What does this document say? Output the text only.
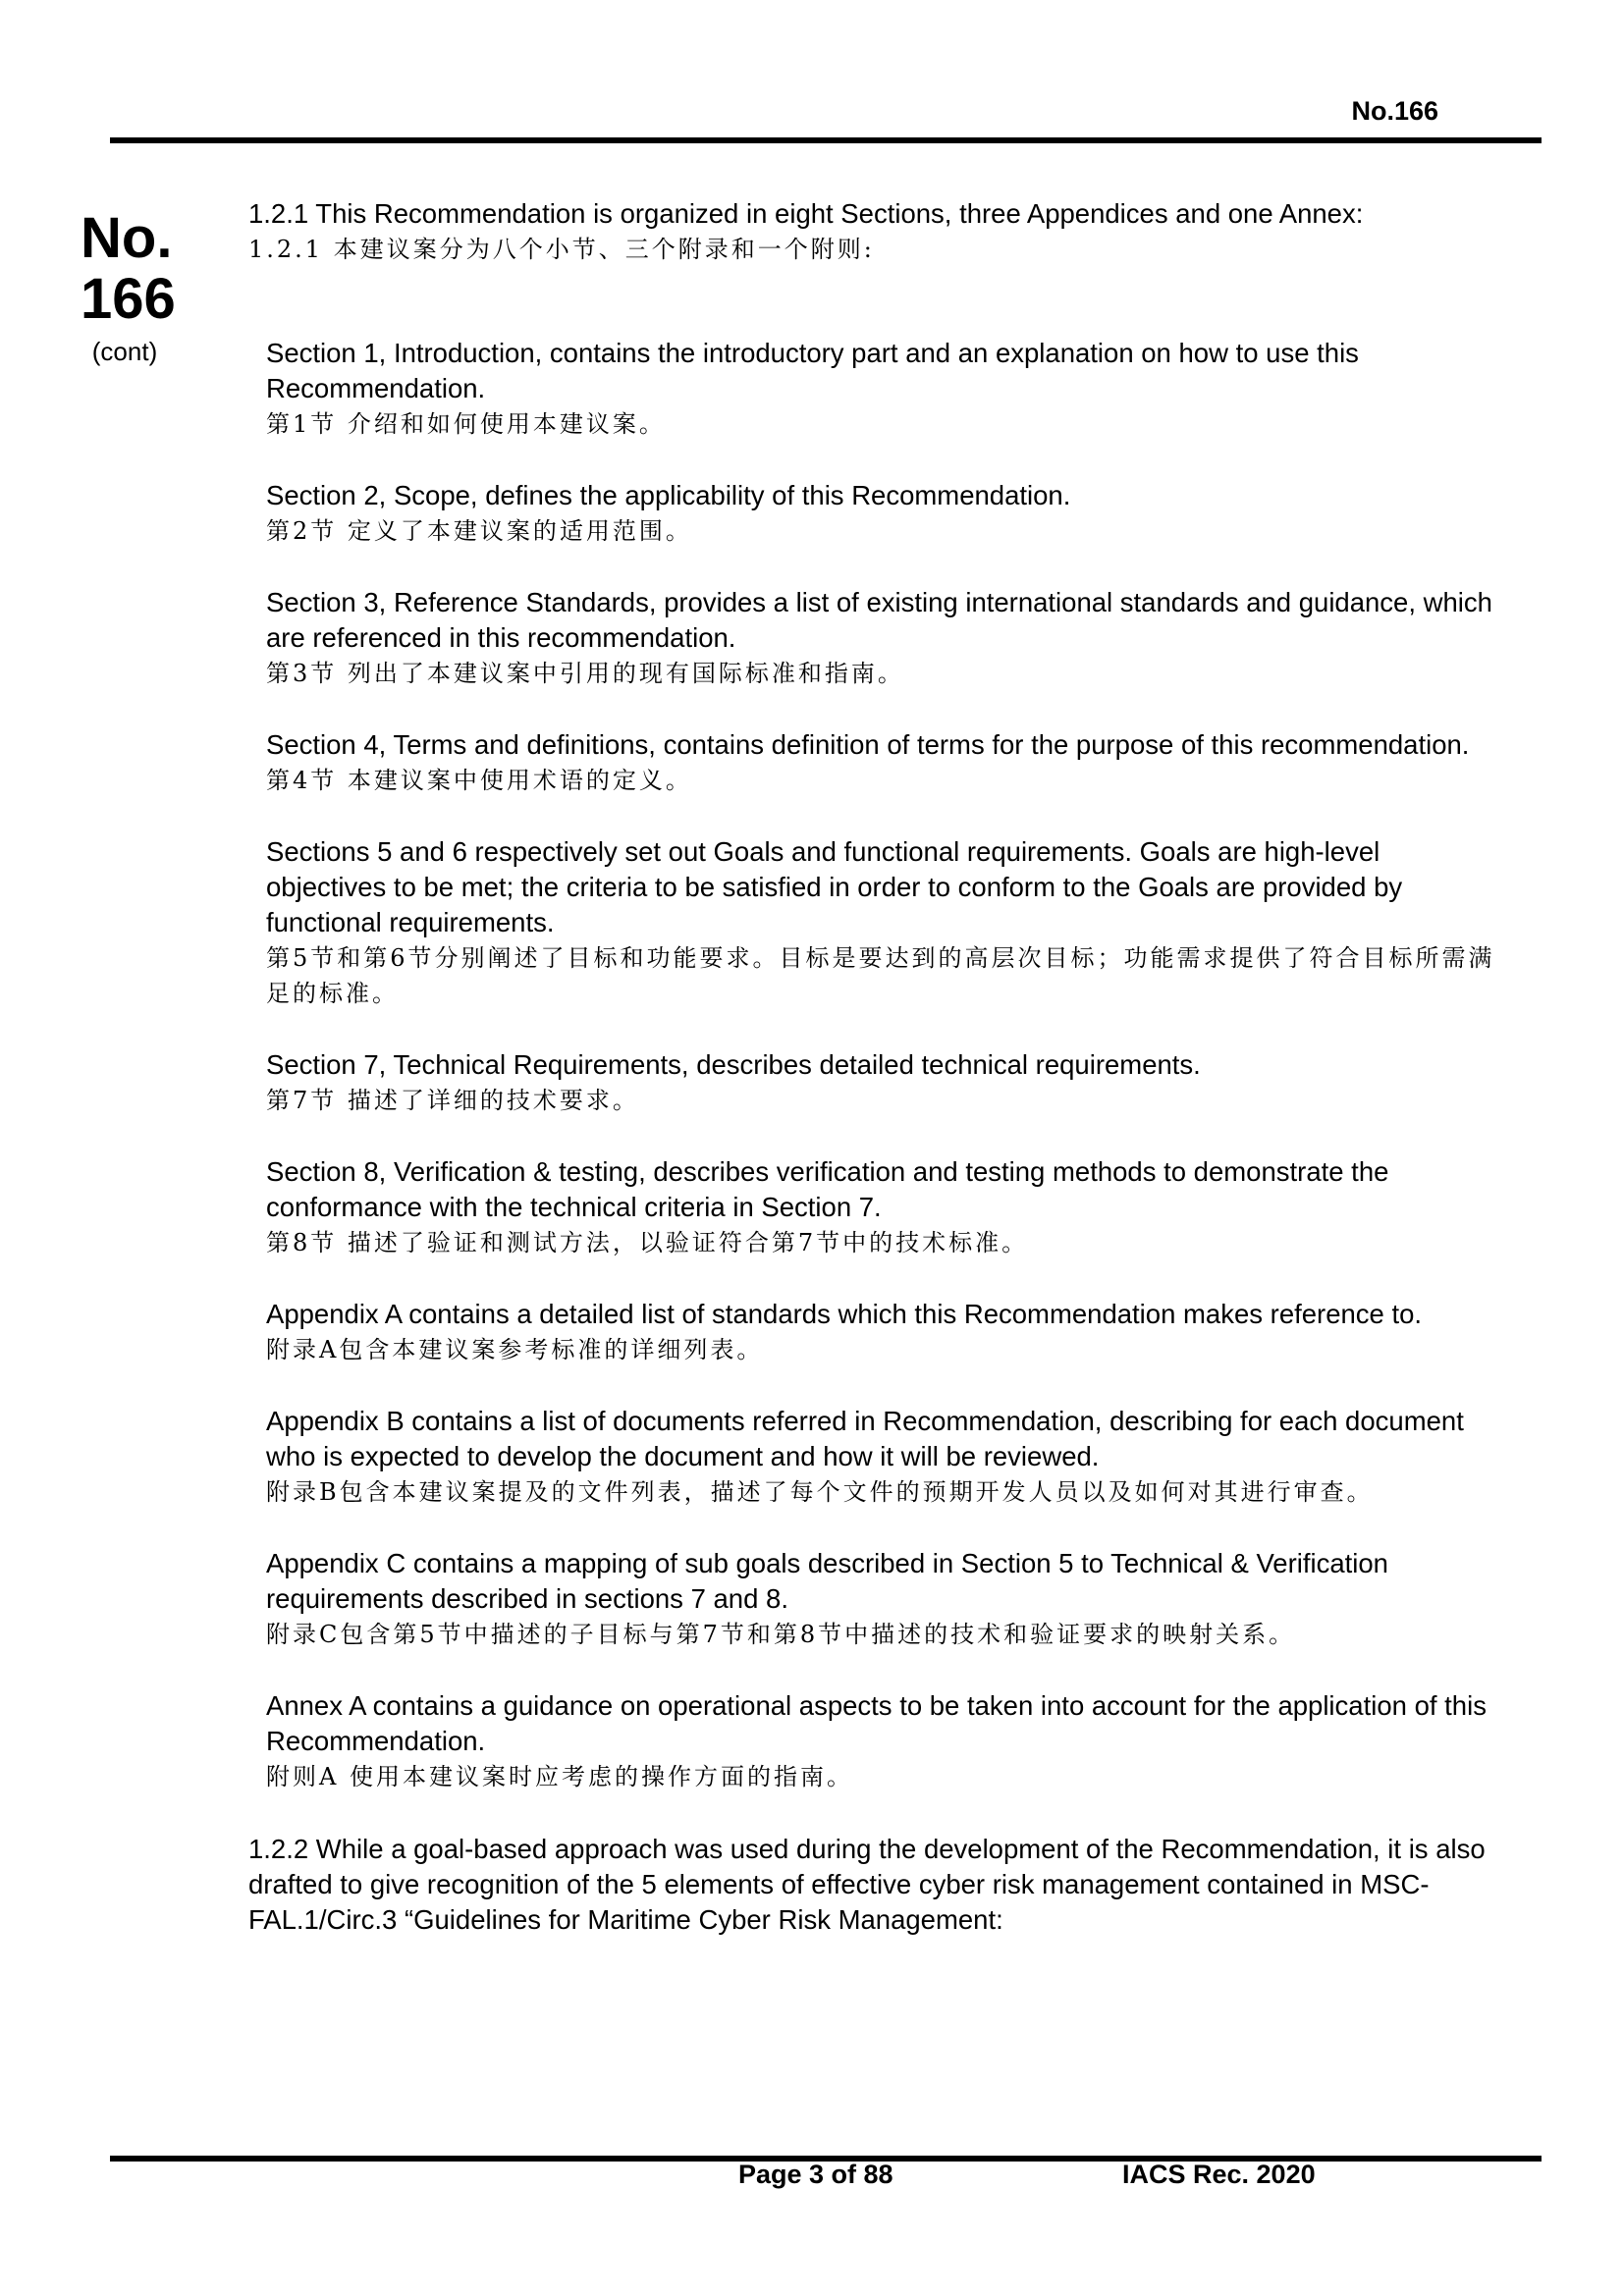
No.166
No.
166
(cont)

1.2.1 This Recommendation is organized in eight Sections, three Appendices and one Annex:

1.2.1 本建议案分为八个小节、三个附录和一个附则:

Section 1, Introduction, contains the introductory part and an explanation on how to use this Recommendation.

第1节 介绍和如何使用本建议案。

Section 2, Scope, defines the applicability of this Recommendation.

第2节 定义了本建议案的适用范围。

Section 3, Reference Standards, provides a list of existing international standards and guidance, which are referenced in this recommendation.

第3节 列出了本建议案中引用的现有国际标准和指南。

Section 4, Terms and definitions, contains definition of terms for the purpose of this recommendation.

第4节 本建议案中使用术语的定义。

Sections 5 and 6 respectively set out Goals and functional requirements. Goals are high-level objectives to be met; the criteria to be satisfied in order to conform to the Goals are provided by functional requirements.

第5节和第6节分别阐述了目标和功能要求。目标是要达到的高层次目标；功能需求提供了符合目标所需满足的标准。

Section 7, Technical Requirements, describes detailed technical requirements.

第7节 描述了详细的技术要求。

Section 8, Verification & testing, describes verification and testing methods to demonstrate the conformance with the technical criteria in Section 7.

第8节 描述了验证和测试方法，以验证符合第7节中的技术标准。

Appendix A contains a detailed list of standards which this Recommendation makes reference to.

附录A包含本建议案参考标准的详细列表。

Appendix B contains a list of documents referred in Recommendation, describing for each document who is expected to develop the document and how it will be reviewed.

附录B包含本建议案提及的文件列表，描述了每个文件的预期开发人员以及如何对其进行审查。

Appendix C contains a mapping of sub goals described in Section 5 to Technical & Verification requirements described in sections 7 and 8.

附录C包含第5节中描述的子目标与第7节和第8节中描述的技术和验证要求的映射关系。

Annex A contains a guidance on operational aspects to be taken into account for the application of this Recommendation.

附则A 使用本建议案时应考虑的操作方面的指南。

1.2.2 While a goal-based approach was used during the development of the Recommendation, it is also drafted to give recognition of the 5 elements of effective cyber risk management contained in MSC-FAL.1/Circ.3 “Guidelines for Maritime Cyber Risk Management:

Page 3 of 88	IACS Rec. 2020
